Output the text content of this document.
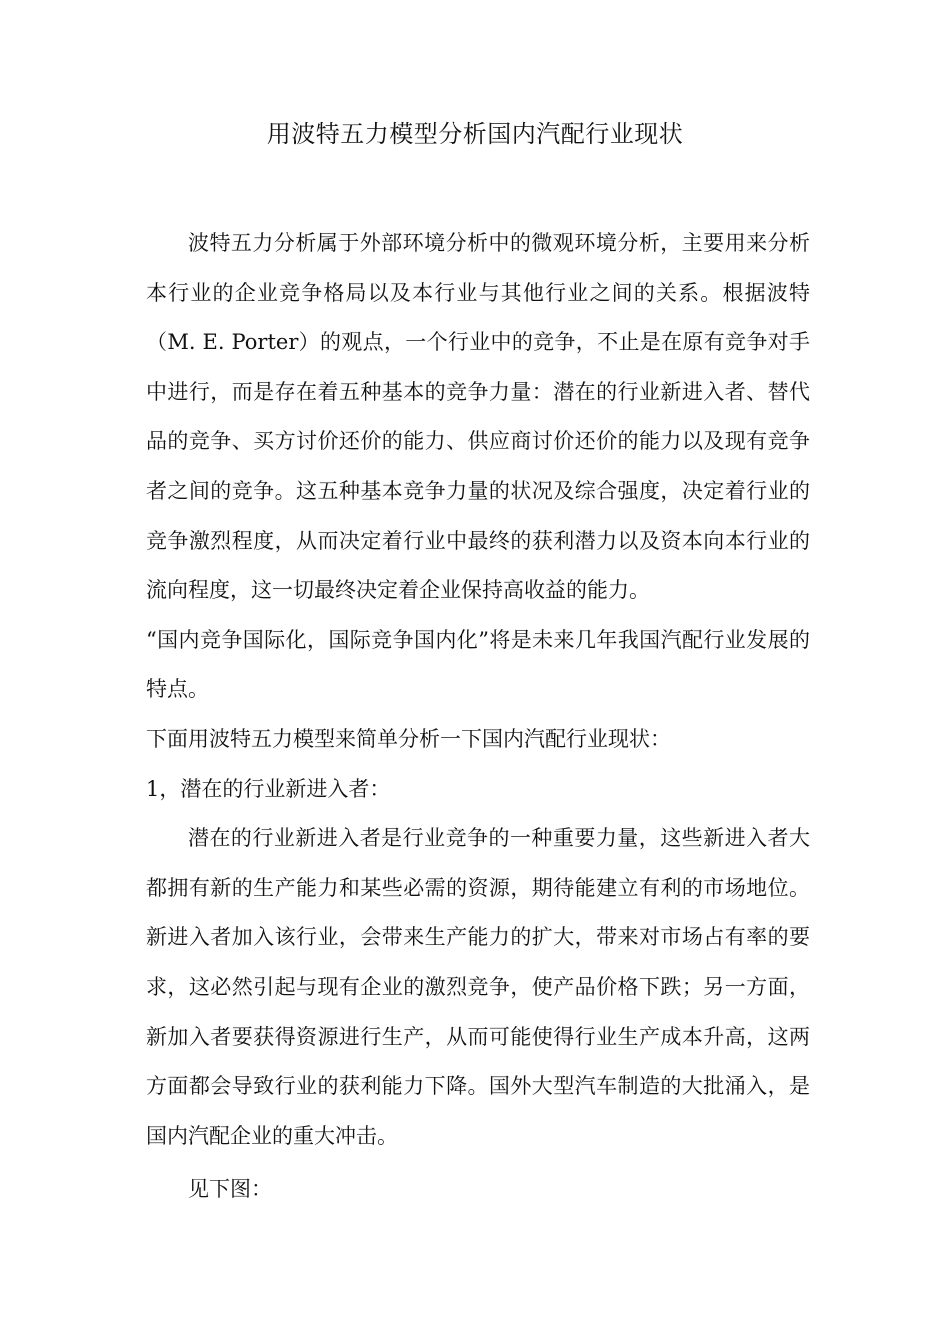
用波特五力模型分析国内汽配行业现状

波特五力分析属于外部环境分析中的微观环境分析，主要用来分析本行业的企业竞争格局以及本行业与其他行业之间的关系。根据波特（M. E. Porter）的观点，一个行业中的竞争，不止是在原有竞争对手中进行，而是存在着五种基本的竞争力量：潜在的行业新进入者、替代品的竞争、买方讨价还价的能力、供应商讨价还价的能力以及现有竞争者之间的竞争。这五种基本竞争力量的状况及综合强度，决定着行业的竞争激烈程度，从而决定着行业中最终的获利潜力以及资本向本行业的流向程度，这一切最终决定着企业保持高收益的能力。

“国内竞争国际化，国际竞争国内化”将是未来几年我国汽配行业发展的特点。

下面用波特五力模型来简单分析一下国内汽配行业现状：

1，潜在的行业新进入者：

潜在的行业新进入者是行业竞争的一种重要力量，这些新进入者大都拥有新的生产能力和某些必需的资源，期待能建立有利的市场地位。新进入者加入该行业，会带来生产能力的扩大，带来对市场占有率的要求，这必然引起与现有企业的激烈竞争，使产品价格下跌；另一方面，新加入者要获得资源进行生产，从而可能使得行业生产成本升高，这两方面都会导致行业的获利能力下降。国外大型汽车制造的大批涌入，是国内汽配企业的重大冲击。

见下图：
